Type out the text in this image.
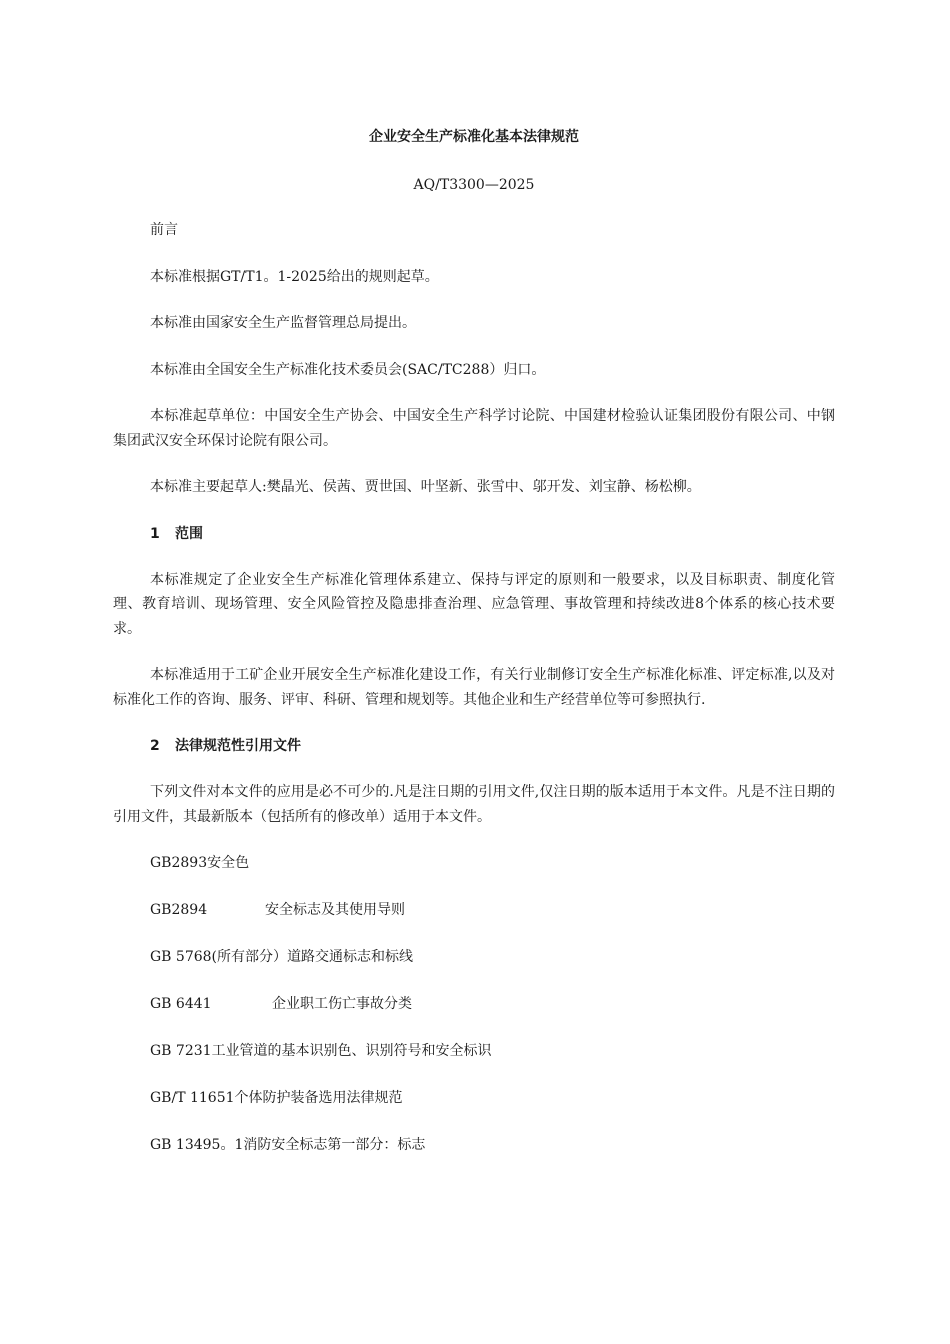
企业安全生产标准化基本法律规范
AQ/T3300—2025
前言
本标准根据GT/T1。1-2025给出的规则起草。
本标准由国家安全生产监督管理总局提出。
本标准由全国安全生产标准化技术委员会(SAC/TC288）归口。
本标准起草单位：中国安全生产协会、中国安全生产科学讨论院、中国建材检验认证集团股份有限公司、中钢集团武汉安全环保讨论院有限公司。
本标准主要起草人:樊晶光、侯茜、贾世国、叶坚新、张雪中、邬开发、刘宝静、杨松柳。
1 范围
本标准规定了企业安全生产标准化管理体系建立、保持与评定的原则和一般要求，以及目标职责、制度化管理、教育培训、现场管理、安全风险管控及隐患排查治理、应急管理、事故管理和持续改进8个体系的核心技术要求。
本标准适用于工矿企业开展安全生产标准化建设工作，有关行业制修订安全生产标准化标准、评定标准,以及对标准化工作的咨询、服务、评审、科研、管理和规划等。其他企业和生产经营单位等可参照执行.
2 法律规范性引用文件
下列文件对本文件的应用是必不可少的.凡是注日期的引用文件,仅注日期的版本适用于本文件。凡是不注日期的引用文件，其最新版本（包括所有的修改单）适用于本文件。
GB2893安全色
GB2894	安全标志及其使用导则
GB 5768(所有部分）道路交通标志和标线
GB 6441	企业职工伤亡事故分类
GB 7231工业管道的基本识别色、识别符号和安全标识
GB/T 11651个体防护装备选用法律规范
GB 13495。1消防安全标志第一部分：标志
